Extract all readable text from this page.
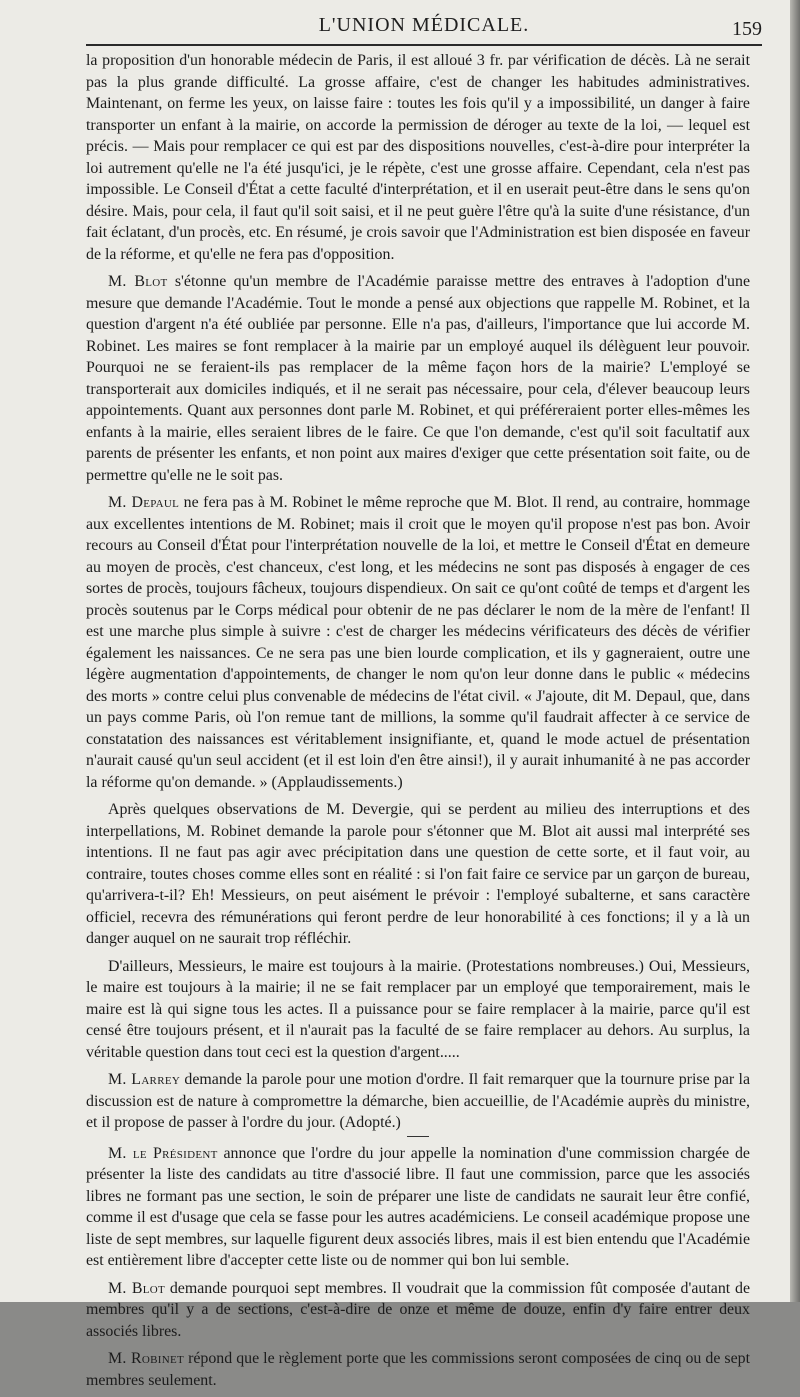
L'UNION MÉDICALE.	159

la proposition d'un honorable médecin de Paris, il est alloué 3 fr. par vérification de décès. Là ne serait pas la plus grande difficulté. La grosse affaire, c'est de changer les habitudes administratives. Maintenant, on ferme les yeux, on laisse faire : toutes les fois qu'il y a impossibilité, un danger à faire transporter un enfant à la mairie, on accorde la permission de déroger au texte de la loi, — lequel est précis. — Mais pour remplacer ce qui est par des dispositions nouvelles, c'est-à-dire pour interpréter la loi autrement qu'elle ne l'a été jusqu'ici, je le répète, c'est une grosse affaire. Cependant, cela n'est pas impossible. Le Conseil d'État a cette faculté d'interprétation, et il en userait peut-être dans le sens qu'on désire. Mais, pour cela, il faut qu'il soit saisi, et il ne peut guère l'être qu'à la suite d'une résistance, d'un fait éclatant, d'un procès, etc. En résumé, je crois savoir que l'Administration est bien disposée en faveur de la réforme, et qu'elle ne fera pas d'opposition.

M. Blot s'étonne qu'un membre de l'Académie paraisse mettre des entraves à l'adoption d'une mesure que demande l'Académie. Tout le monde a pensé aux objections que rappelle M. Robinet, et la question d'argent n'a été oubliée par personne. Elle n'a pas, d'ailleurs, l'importance que lui accorde M. Robinet. Les maires se font remplacer à la mairie par un employé auquel ils délèguent leur pouvoir. Pourquoi ne se feraient-ils pas remplacer de la même façon hors de la mairie? L'employé se transporterait aux domiciles indiqués, et il ne serait pas nécessaire, pour cela, d'élever beaucoup leurs appointements. Quant aux personnes dont parle M. Robinet, et qui préféreraient porter elles-mêmes les enfants à la mairie, elles seraient libres de le faire. Ce que l'on demande, c'est qu'il soit facultatif aux parents de présenter les enfants, et non point aux maires d'exiger que cette présentation soit faite, ou de permettre qu'elle ne le soit pas.

M. Depaul ne fera pas à M. Robinet le même reproche que M. Blot. Il rend, au contraire, hommage aux excellentes intentions de M. Robinet; mais il croit que le moyen qu'il propose n'est pas bon. Avoir recours au Conseil d'État pour l'interprétation nouvelle de la loi, et mettre le Conseil d'État en demeure au moyen de procès, c'est chanceux, c'est long, et les médecins ne sont pas disposés à engager de ces sortes de procès, toujours fâcheux, toujours dispendieux. On sait ce qu'ont coûté de temps et d'argent les procès soutenus par le Corps médical pour obtenir de ne pas déclarer le nom de la mère de l'enfant! Il est une marche plus simple à suivre : c'est de charger les médecins vérificateurs des décès de vérifier également les naissances. Ce ne sera pas une bien lourde complication, et ils y gagneraient, outre une légère augmentation d'appointements, de changer le nom qu'on leur donne dans le public « médecins des morts » contre celui plus convenable de médecins de l'état civil. « J'ajoute, dit M. Depaul, que, dans un pays comme Paris, où l'on remue tant de millions, la somme qu'il faudrait affecter à ce service de constatation des naissances est véritablement insignifiante, et, quand le mode actuel de présentation n'aurait causé qu'un seul accident (et il est loin d'en être ainsi!), il y aurait inhumanité à ne pas accorder la réforme qu'on demande. » (Applaudissements.)

Après quelques observations de M. Devergie, qui se perdent au milieu des interruptions et des interpellations, M. Robinet demande la parole pour s'étonner que M. Blot ait aussi mal interprété ses intentions. Il ne faut pas agir avec précipitation dans une question de cette sorte, et il faut voir, au contraire, toutes choses comme elles sont en réalité : si l'on fait faire ce service par un garçon de bureau, qu'arrivera-t-il? Eh! Messieurs, on peut aisément le prévoir : l'employé subalterne, et sans caractère officiel, recevra des rémunérations qui feront perdre de leur honorabilité à ces fonctions; il y a là un danger auquel on ne saurait trop réfléchir.

D'ailleurs, Messieurs, le maire est toujours à la mairie. (Protestations nombreuses.) Oui, Messieurs, le maire est toujours à la mairie; il ne se fait remplacer par un employé que temporairement, mais le maire est là qui signe tous les actes. Il a puissance pour se faire remplacer à la mairie, parce qu'il est censé être toujours présent, et il n'aurait pas la faculté de se faire remplacer au dehors. Au surplus, la véritable question dans tout ceci est la question d'argent.....

M. Larrey demande la parole pour une motion d'ordre. Il fait remarquer que la tournure prise par la discussion est de nature à compromettre la démarche, bien accueillie, de l'Académie auprès du ministre, et il propose de passer à l'ordre du jour. (Adopté.)

M. le Président annonce que l'ordre du jour appelle la nomination d'une commission chargée de présenter la liste des candidats au titre d'associé libre. Il faut une commission, parce que les associés libres ne formant pas une section, le soin de préparer une liste de candidats ne saurait leur être confié, comme il est d'usage que cela se fasse pour les autres académiciens. Le conseil académique propose une liste de sept membres, sur laquelle figurent deux associés libres, mais il est bien entendu que l'Académie est entièrement libre d'accepter cette liste ou de nommer qui bon lui semble.

M. Blot demande pourquoi sept membres. Il voudrait que la commission fût composée d'autant de membres qu'il y a de sections, c'est-à-dire de onze et même de douze, enfin d'y faire entrer deux associés libres.

M. Robinet répond que le règlement porte que les commissions seront composées de cinq ou de sept membres seulement.
